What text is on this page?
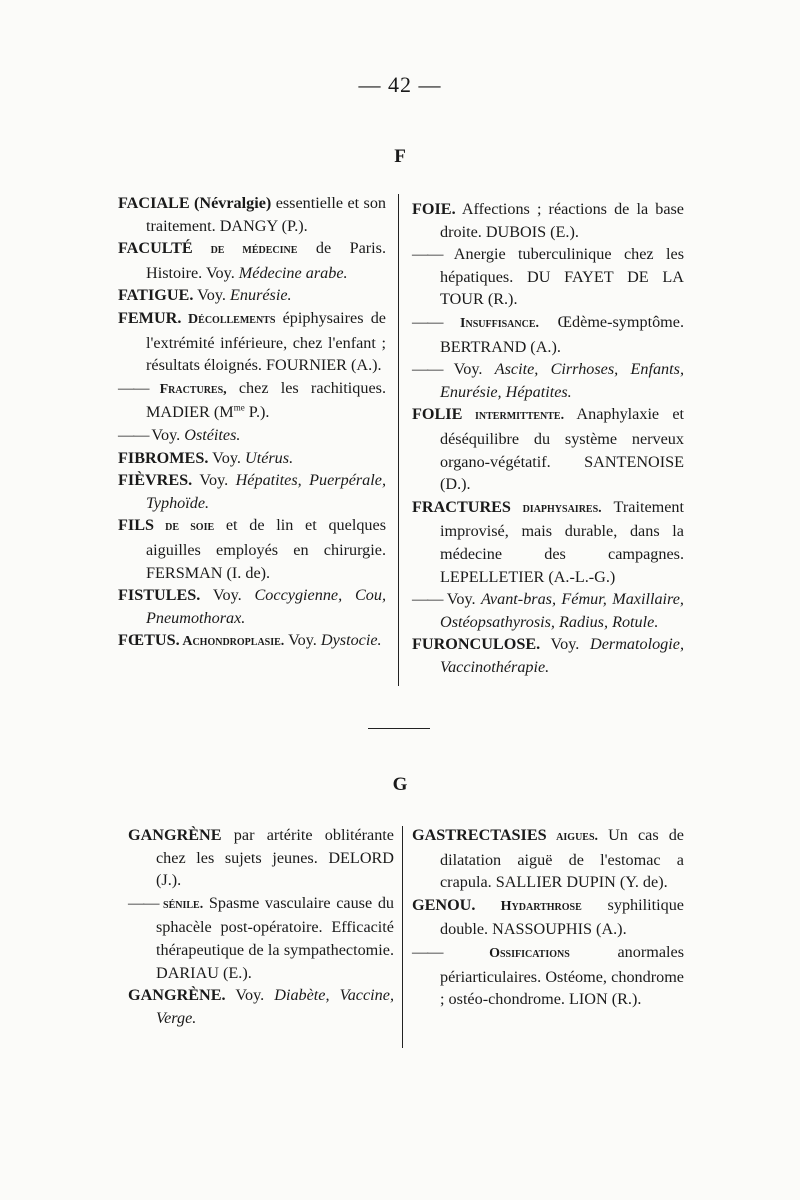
— 42 —
F
FACIALE (Névralgie) essentielle et son traitement. DANGY (P.).
FACULTÉ de médecine de Paris. Histoire. Voy. Médecine arabe.
FATIGUE. Voy. Enurésie.
FEMUR. Décollements épiphysaires de l'extrémité inférieure, chez l'enfant ; résultats éloignés. FOURNIER (A.).
—— Fractures, chez les rachitiques. MADIER ($M^{me}$ P.).
—— Voy. Ostéites.
FIBROMES. Voy. Utérus.
FIÈVRES. Voy. Hépatites, Puerpérale, Typhoïde.
FILS de soie et de lin et quelques aiguilles employés en chirurgie. FERSMAN (I. de).
FISTULES. Voy. Coccygienne, Cou, Pneumothorax.
FŒTUS. Achondroplasie. Voy. Dystocie.
FOIE. Affections ; réactions de la base droite. DUBOIS (E.).
—— Anergie tuberculinique chez les hépatiques. DU FAYET DE LA TOUR (R.).
—— Insuffisance. Œdème-symptôme. BERTRAND (A.).
—— Voy. Ascite, Cirrhoses, Enfants, Enurésie, Hépatites.
FOLIE intermittente. Anaphylaxie et déséquilibre du système nerveux organo-végétatif. SANTENOISE (D.).
FRACTURES diaphysaires. Traitement improvisé, mais durable, dans la médecine des campagnes. LEPELLETIER (A.-L.-G.)
—— Voy. Avant-bras, Fémur, Maxillaire, Ostéopsathyrosis, Radius, Rotule.
FURONCULOSE. Voy. Dermatologie, Vaccinothérapie.
G
GANGRÈNE par artérite oblitérante chez les sujets jeunes. DELORD (J.).
—— sénile. Spasme vasculaire cause du sphacèle post-opératoire. Efficacité thérapeutique de la sympathectomie. DARIAU (E.).
GANGRÈNE. Voy. Diabète, Vaccine, Verge.
GASTRECTASIES aigues. Un cas de dilatation aiguë de l'estomac a crapula. SALLIER DUPIN (Y. de).
GENOU. Hydarthrose syphilitique double. NASSOUPHIS (A.).
—— Ossifications anormales périarticulaires. Ostéome, chondrome ; ostéo-chondrome. LION (R.).
